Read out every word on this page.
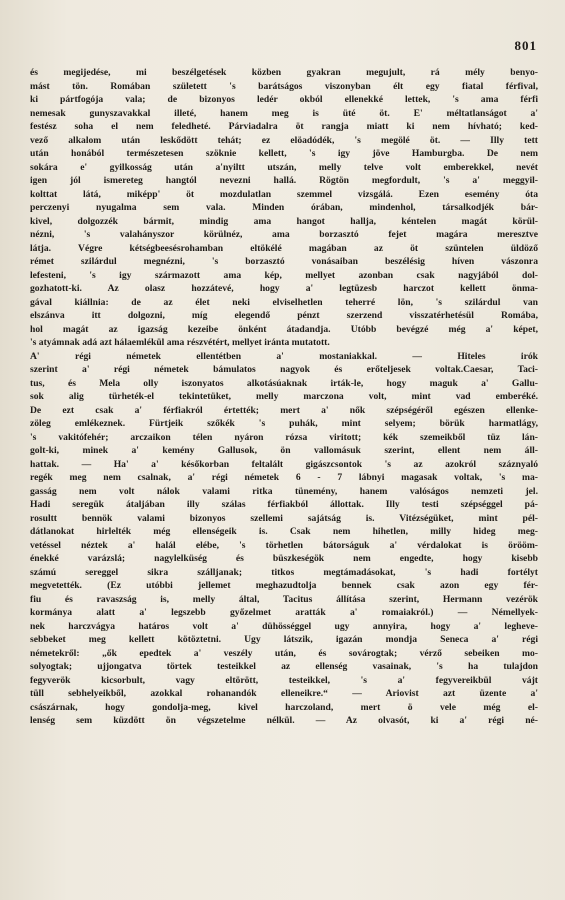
801
és megijedése, mi beszélgetések közben gyakran megujult, rá mély benyo-
mást tön. Romában született 's barátságos viszonyban élt egy fiatal férfival,
ki pártfogója vala; de bizonyos ledér okból ellenekké lettek, 's ama férfi
nemesak gunyszavakkal illeté, hanem meg is üté öt. E' méltatlanságot a'
festész soha el nem feledheté. Párviadalra öt rangja miatt ki nem hívható; ked-
vező alkalom után leskődött tehát; ez elöadódék, 's megölé öt. — Illy tett
után honából természetesen szöknie kellett, 's igy jöve Hamburgba. De nem
sokára e' gyilkosság után a'nyiltt utszán, melly telve volt emberekkel, nevét
igen jól ismereteg hangtól neveznі hallá. Rögtön megfordult, 's a' meggyil-
kolttat látá, miképp' öt mozdulatlan szemmel vizsgálá. Ezen esemény óta
perczenyi nyugalma sem vala. Minden órában, mindenhol, társalkodjék bár-
kivel, dolgozzék bármit, mindig ama hangot hallja, kéntelen magát körül-
nézni, 's valahányszor körülnéz, ama borzasztó fejet magára meresztve
látja. Végre kétségbeesésrohamban eltökélé magában az öt szüntelen üldöző
rémet szilárdul megnézni, 's borzasztó vonásaiban beszélésig híven vászonra
lefesteni, 's igy származott ama kép, mellyet azonban csak nagyjából dol-
gozhatott-ki. Az olasz hozzátevé, hogy a' legtüzesb harczot kellett önma-
gával kiállnia: de az élet neki elviselhetlen teherré lön, 's szilárdul van
elszánva itt dolgozni, míg elegendő pénzt szerzend visszatérhetésül Romába,
hol magát az igazság kezeibe önként átadandja. Utóbb bevégzé még a' képet,
's atyámnak adá azt hálaemlékül ama részvétért, mellyet iránta mutatott.
A' régi németek ellentétben a' mostaniakkal. — Hiteles irók
szerint a' régi németek bámulatos nagyok és erőteljesek voltak.Caesar, Taci-
tus, és Mela olly iszonyatos alkotásúaknak irták-le, hogy maguk a' Gallu-
sok alig türheték-el tekintetüket, melly marczona volt, mint vad emberéké.
De ezt csak a' férfiakról értették; mert a' nők szépségéről egészen ellenke-
zöleg emlékeznek. Fürtjeik szőkék 's puhák, mint selyem; börük harmatlágy,
's vakitófehér; arczaikon télen nyáron rózsa viritott; kék szemeikből tüz lán-
golt-ki, minek a' kemény Gallusok, ön vallomásuk szerint, ellent nem áll-
hattak. — Ha' a' későkorban feltalált gigászcsontok 's az azokról száznyaló
regék meg nem csalnak, a' régi németek 6 - 7 lábnyi magasak voltak, 's ma-
gasság nem volt nálok valami ritka tünemény, hanem valóságos nemzeti jel.
Hadi seregük átaljában illy szálas férfiakból állottak. Illy testi szépséggel pá-
rosultt bennök valami bizonyos szellemi sajátság is. Vitézségüket, mint pél-
dátlanokat hirlelték még ellenségeik is. Csak nem hihetlen, milly hideg meg-
vetéssel néztek a' halál elébe, 's törhetlen bátorságuk a' vérdalokat is örööm-
énekké varázslá; nagylelküség és büszkeségök nem engedte, hogy kisebb
számú sereggel sikra szálljanak; titkos megtámadásokat, 's hadi fortélyt
megvetették. (Ez utóbbi jellemet meghazudtolja bennek csak azon egy fér-
fiu és ravaszság is, melly által, Tacitus állítása szerint, Hermann vezérök
kormánya alatt a' legszebb győzelmet aratták a' romaiakról.) — Némellyek-
nek harczvágya határos volt a' dühösséggel ugy annyira, hogy a' legheve-
sebbeket meg kellett kötöztetni. Ugy látszik, igazán mondja Seneca a' régi
németekről: „ők epedtek a' veszély után, és sovárogtak; vérző sebeiken mo-
solyogtak; ujjongatva törtek testeikkel az ellenség vasainak, 's ha tulajdon
fegyverök kicsorbult, vagy eltörött, testeikkel, 's a' fegyvereikbül vájt
tüll sebhelyeikből, azokkal rohanandók elleneikre.“ — Ariovist azt üzente a'
császárnak, hogy gondolja-meg, kivel harczoland, mert ö vele még el-
lenség sem küzdött ön végszetelme nélkül. — Az olvasót, ki a' régi né-
